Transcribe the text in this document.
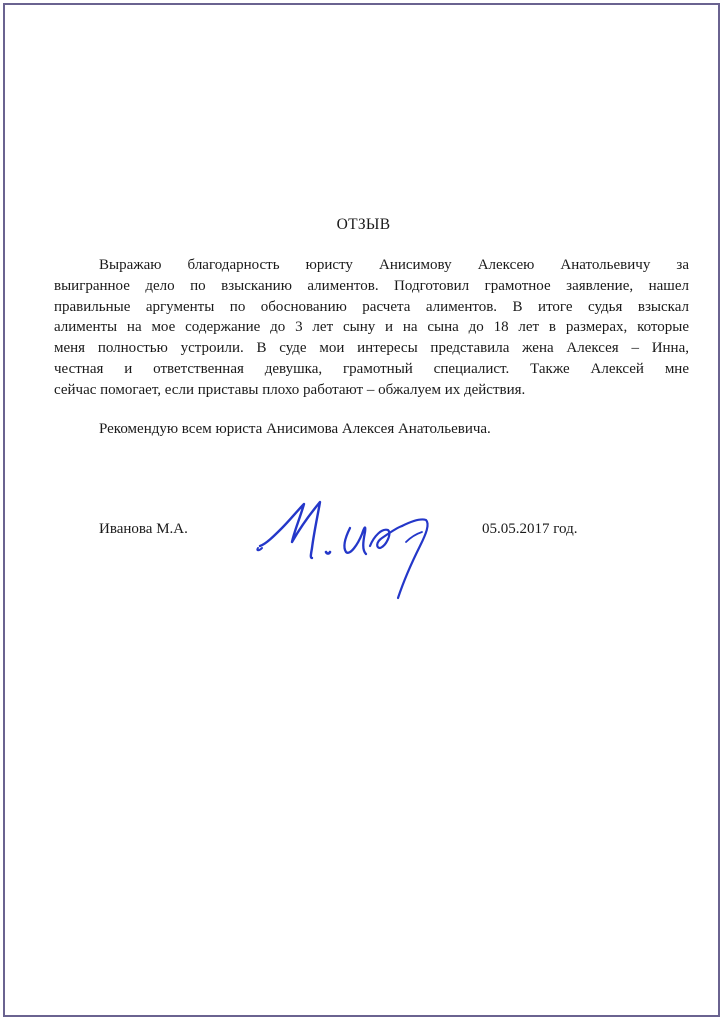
ОТЗЫВ
Выражаю благодарность юристу Анисимову Алексею Анатольевичу за
выигранное дело по взысканию алиментов. Подготовил грамотное заявление, нашел
правильные аргументы по обоснованию расчета алиментов. В итоге судья взыскал
алименты на мое содержание до 3 лет сыну и на сына до 18 лет в размерах, которые
меня полностью устроили. В суде мои интересы представила жена Алексея – Инна,
честная и ответственная девушка, грамотный специалист. Также Алексей мне
сейчас помогает, если приставы плохо работают – обжалуем их действия.
Рекомендую всем юриста Анисимова Алексея Анатольевича.
Иванова М.А.	05.05.2017 год.
